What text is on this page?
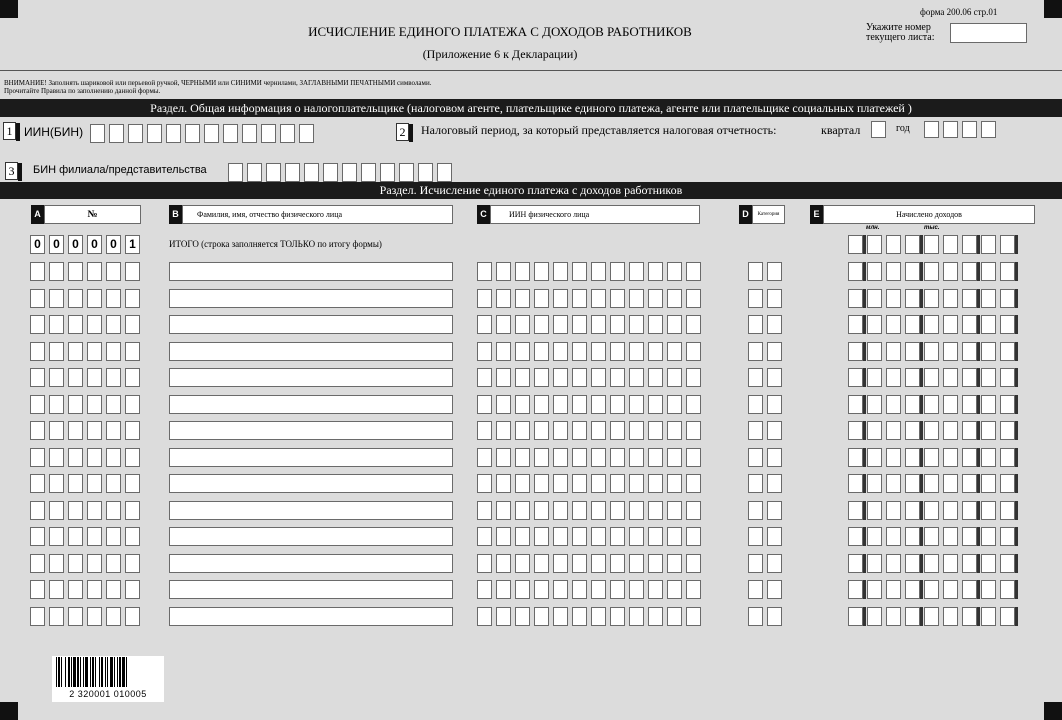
форма 200.06 стр.01
ИСЧИСЛЕНИЕ ЕДИНОГО ПЛАТЕЖА С ДОХОДОВ РАБОТНИКОВ
(Приложение 6 к Декларации)
Укажите номер
текущего листа:
ВНИМАНИЕ! Заполнять шариковой или перьевой ручкой, ЧЕРНЫМИ или СИНИМИ чернилами, ЗАГЛАВНЫМИ ПЕЧАТНЫМИ символами.
Прочитайте Правила по заполнению данной формы.
Раздел. Общая информация о налогоплательщике (налоговом агенте, плательщике единого платежа, агенте или плательщике социальных платежей )
1 ИИН(БИН)	2 Налоговый период, за который представляется налоговая отчетность:	квартал	год
3	БИН филиала/представительства
Раздел. Исчисление единого платежа с доходов работников
A	№	B	Фамилия, имя, отчество физического лица	C	ИИН физического лица	D	Категория	E	Начислено доходов
млн.	тыс.
0	0	0	0	0	1	ИТОГО (строка заполняется ТОЛЬКО по итогу формы)
2 320001 010005
